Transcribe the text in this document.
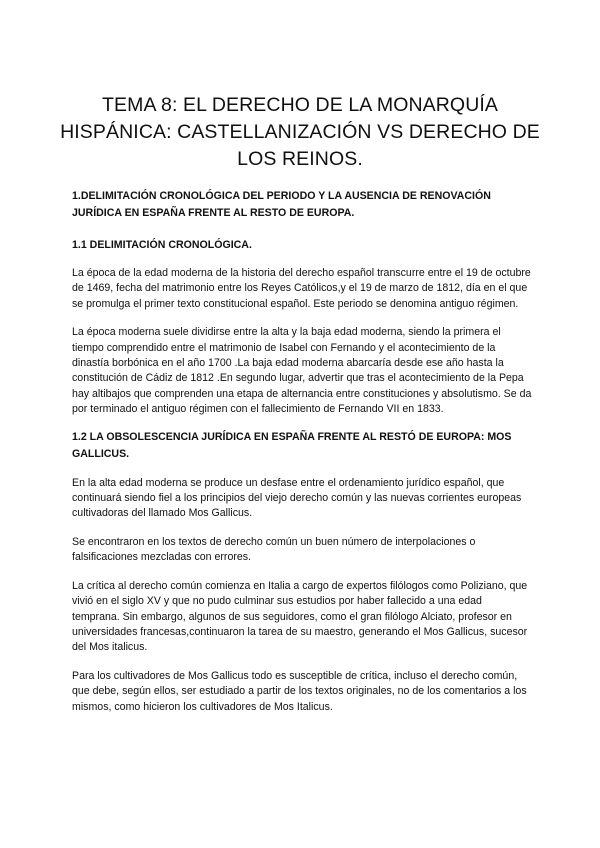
TEMA 8: EL DERECHO DE LA MONARQUÍA HISPÁNICA: CASTELLANIZACIÓN VS DERECHO DE LOS REINOS.

1.DELIMITACIÓN CRONOLÓGICA DEL PERIODO Y LA AUSENCIA DE RENOVACIÓN JURÍDICA EN ESPAÑA FRENTE AL RESTO DE EUROPA.

1.1 DELIMITACIÓN CRONOLÓGICA.

La época de la edad moderna de la historia del derecho español transcurre entre el 19 de octubre de 1469, fecha del matrimonio entre los Reyes Católicos,y el 19 de marzo de 1812, día en el que se promulga el primer texto constitucional español. Este periodo se denomina antiguo régimen.

La época moderna suele dividirse entre la alta y la baja edad moderna, siendo la primera el tiempo comprendido entre el matrimonio de Isabel con Fernando y el acontecimiento de la dinastía borbónica en el año 1700 .La baja edad moderna abarcaría desde ese año hasta la constitución de Cádiz de 1812 .En segundo lugar, advertir que tras el acontecimiento de la Pepa hay altibajos que comprenden una etapa de alternancia entre constituciones y absolutismo. Se da por terminado el antiguo régimen con el fallecimiento de Fernando VII en 1833.

1.2 LA OBSOLESCENCIA JURÍDICA EN ESPAÑA FRENTE AL RESTÓ DE EUROPA: MOS GALLICUS.

En la alta edad moderna se produce un desfase entre el ordenamiento jurídico español, que continuará siendo fiel a los principios del viejo derecho común y las nuevas corrientes europeas cultivadoras del llamado Mos Gallicus.

Se encontraron en los textos de derecho común un buen número de interpolaciones o falsificaciones mezcladas con errores.

La crítica al derecho común comienza en Italia a cargo de expertos filólogos como Poliziano, que vivió en el siglo XV y que no pudo culminar sus estudios por haber fallecido a una edad temprana. Sin embargo, algunos de sus seguidores, como el gran filólogo Alciato, profesor en universidades francesas,continuaron la tarea de su maestro, generando el Mos Gallicus, sucesor del Mos italicus.

Para los cultivadores de Mos Gallicus todo es susceptible de crítica, incluso el derecho común, que debe, según ellos, ser estudiado a partir de los textos originales, no de los comentarios a los mismos, como hicieron los cultivadores de Mos Italicus.
